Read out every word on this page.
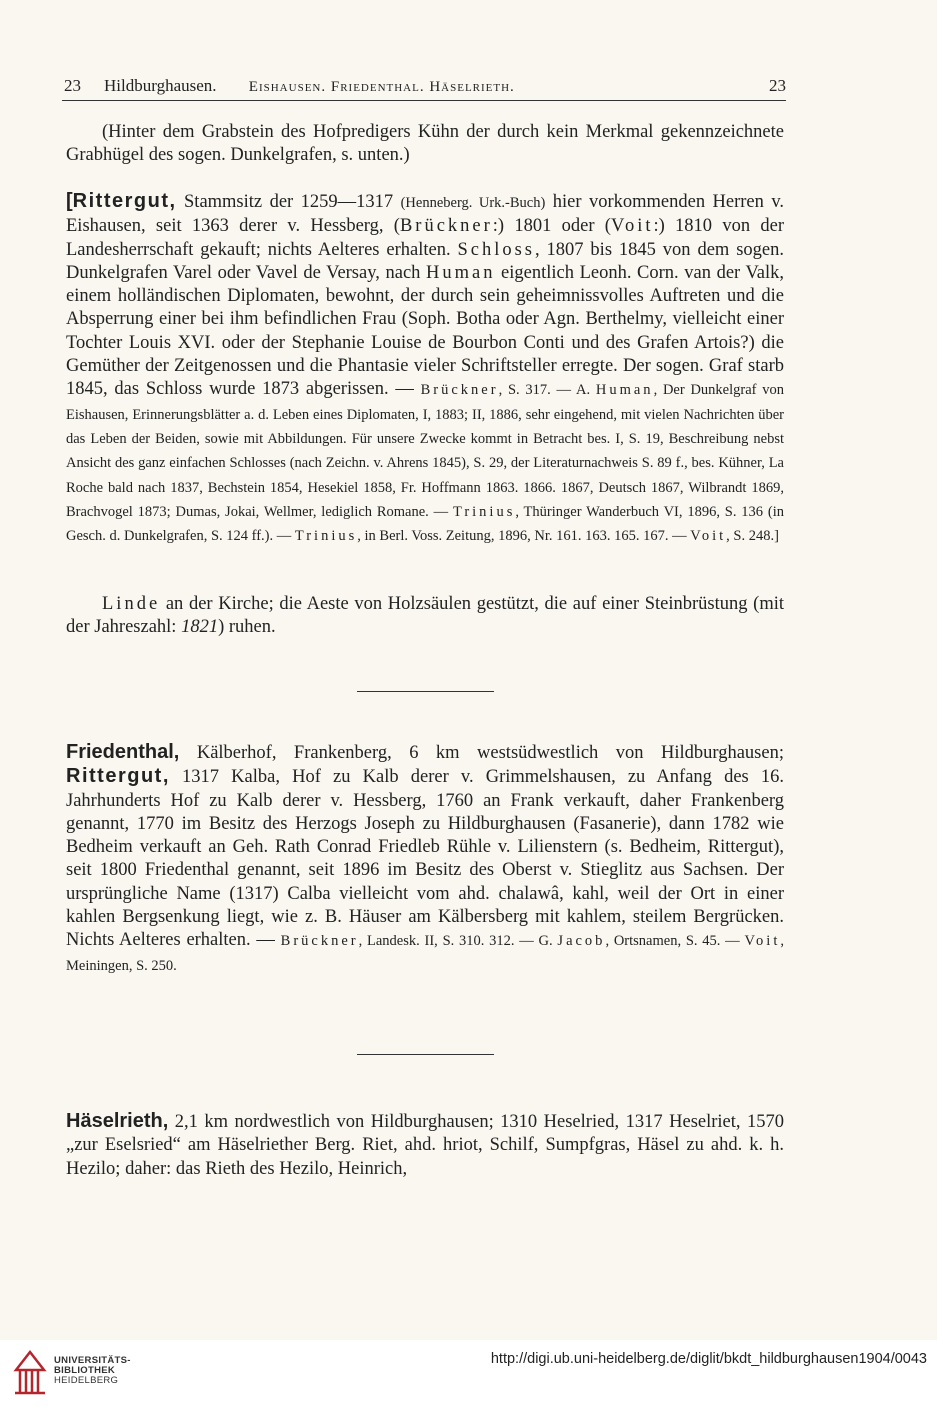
23 Hildburghausen. Eishausen. Friedenthal. Häselrieth.	23
(Hinter dem Grabstein des Hofpredigers Kühn der durch kein Merkmal gekennzeichnete Grabhügel des sogen. Dunkelgrafen, s. unten.)
[Rittergut, Stammsitz der 1259—1317 (Henneberg. Urk.-Buch) hier vorkommenden Herren v. Eishausen, seit 1363 derer v. Hessberg, (Brückner:) 1801 oder (Voit:) 1810 von der Landesherrschaft gekauft; nichts Aelteres erhalten. Schloss, 1807 bis 1845 von dem sogen. Dunkelgrafen Varel oder Vavel de Versay, nach Human eigentlich Leonh. Corn. van der Valk, einem holländischen Diplomaten, bewohnt, der durch sein geheimnissvolles Auftreten und die Absperrung einer bei ihm befindlichen Frau (Soph. Botha oder Agn. Berthelmy, vielleicht einer Tochter Louis XVI. oder der Stephanie Louise de Bourbon Conti und des Grafen Artois?) die Gemüther der Zeitgenossen und die Phantasie vieler Schriftsteller erregte. Der sogen. Graf starb 1845, das Schloss wurde 1873 abgerissen. — Brückner, S. 317. — A. Human, Der Dunkelgraf von Eishausen, Erinnerungsblätter a. d. Leben eines Diplomaten, I, 1883; II, 1886, sehr eingehend, mit vielen Nachrichten über das Leben der Beiden, sowie mit Abbildungen. Für unsere Zwecke kommt in Betracht bes. I, S. 19, Beschreibung nebst Ansicht des ganz einfachen Schlosses (nach Zeichn. v. Ahrens 1845), S. 29, der Literaturnachweis S. 89 f., bes. Kühner, La Roche bald nach 1837, Bechstein 1854, Hesekiel 1858, Fr. Hoffmann 1863. 1866. 1867, Deutsch 1867, Wilbrandt 1869, Brachvogel 1873; Dumas, Jokai, Wellmer, lediglich Romane. — Trinius, Thüringer Wanderbuch VI, 1896, S. 136 (in Gesch. d. Dunkelgrafen, S. 124 ff.). — Trinius, in Berl. Voss. Zeitung, 1896, Nr. 161. 163. 165. 167. — Voit, S. 248.]
Linde an der Kirche; die Aeste von Holzsäulen gestützt, die auf einer Steinbrüstung (mit der Jahreszahl: 1821) ruhen.
Friedenthal, Kälberhof, Frankenberg, 6 km westsüdwestlich von Hildburghausen; Rittergut, 1317 Kalba, Hof zu Kalb derer v. Grimmelshausen, zu Anfang des 16. Jahrhunderts Hof zu Kalb derer v. Hessberg, 1760 an Frank verkauft, daher Frankenberg genannt, 1770 im Besitz des Herzogs Joseph zu Hildburghausen (Fasanerie), dann 1782 wie Bedheim verkauft an Geh. Rath Conrad Friedleb Rühle v. Lilienstern (s. Bedheim, Rittergut), seit 1800 Friedenthal genannt, seit 1896 im Besitz des Oberst v. Stieglitz aus Sachsen. Der ursprüngliche Name (1317) Calba vielleicht vom ahd. chalawâ, kahl, weil der Ort in einer kahlen Bergsenkung liegt, wie z. B. Häuser am Kälbersberg mit kahlem, steilem Bergrücken. Nichts Aelteres erhalten. — Brückner, Landesk. II, S. 310. 312. — G. Jacob, Ortsnamen, S. 45. — Voit, Meiningen, S. 250.
Häselrieth, 2,1 km nordwestlich von Hildburghausen; 1310 Heselried, 1317 Heselriet, 1570 „zur Eselsried“ am Häselriether Berg. Riet, ahd. hriot, Schilf, Sumpfgras, Häsel zu ahd. k. h. Hezilo; daher: das Rieth des Hezilo, Heinrich,
UNIVERSITÄTS-
BIBLIOTHEK
HEIDELBERG
http://digi.ub.uni-heidelberg.de/diglit/bkdt_hildburghausen1904/0043
